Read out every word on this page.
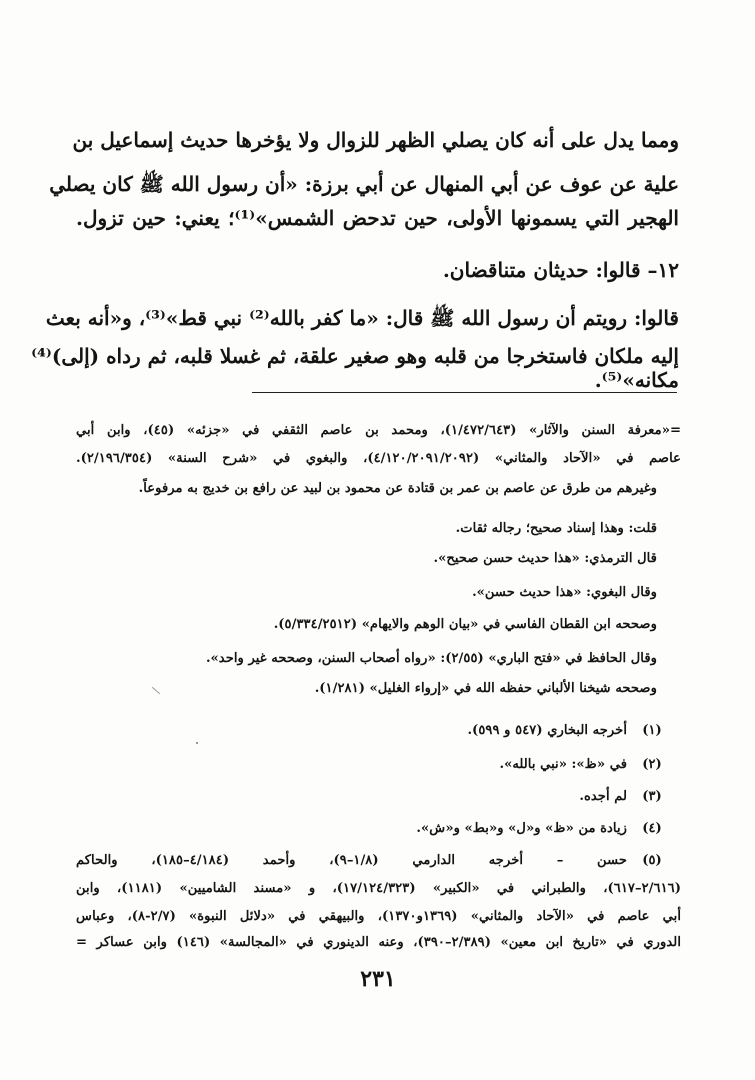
ومما يدل على أنه كان يصلي الظهر للزوال ولا يؤخرها حديث إسماعيل بن

علية عن عوف عن أبي المنهال عن أبي برزة: «أن رسول الله ﷺ كان يصلي

الهجير التي يسمونها الأولى، حين تدحض الشمس»⁽¹⁾؛ يعني: حين تزول.

١٢– قالوا: حديثان متناقضان.

قالوا: رويتم أن رسول الله ﷺ قال: «ما كفر بالله⁽²⁾ نبي قط»⁽³⁾، و«أنه بعث

إليه ملكان فاستخرجا من قلبه وهو صغير علقة، ثم غسلا قلبه، ثم رداه (إلى)⁽⁴⁾

مكانه»⁽⁵⁾.

=«معرفة السنن والآثار» (١/٤٧٢/٦٤٣)، ومحمد بن عاصم الثقفي في «جزئه» (٤٥)، وابن أبي

عاصم في «الآحاد والمثاني» (٤/١٢٠/٢٠٩١/٢٠٩٢)، والبغوي في «شرح السنة» (٢/١٩٦/٣٥٤).

وغيرهم من طرق عن عاصم بن عمر بن قتادة عن محمود بن لبيد عن رافع بن خديج به مرفوعاً.

قلت: وهذا إسناد صحيح؛ رجاله ثقات.

قال الترمذي: «هذا حديث حسن صحيح».

وقال البغوي: «هذا حديث حسن».

وصححه ابن القطان الفاسي في «بيان الوهم والايهام» (٥/٣٣٤/٢٥١٢).

وقال الحافظ في «فتح الباري» (٢/٥٥): «رواه أصحاب السنن، وصححه غير واحد».

وصححه شيخنا الألباني حفظه الله في «إرواء الغليل» (١/٢٨١).

(١)

أخرجه البخاري (٥٤٧ و ٥٩٩).

(٢)

في «ظ»: «نبي بالله».

(٣)

لم أجده.

(٤)

زيادة من «ظ» و«ل» و«بط» و«ش».

(٥)

حسن – أخرجه الدارمي (١/٨–٩)، وأحمد (٤/١٨٤–١٨٥)، والحاكم

(٢/٦١٦–٦١٧)، والطبراني في «الكبير» (١٧/١٢٤/٣٢٣)، و «مسند الشاميين» (١١٨١)، وابن

أبي عاصم في «الآحاد والمثاني» (١٣٦٩و١٣٧٠)، والبيهقي في «دلائل النبوة» (٢/٧-٨)، وعباس

الدوري في «تاريخ ابن معين» (٢/٣٨٩–٣٩٠)، وعنه الدينوري في «المجالسة» (١٤٦) وابن عساكر =

٢٣١
